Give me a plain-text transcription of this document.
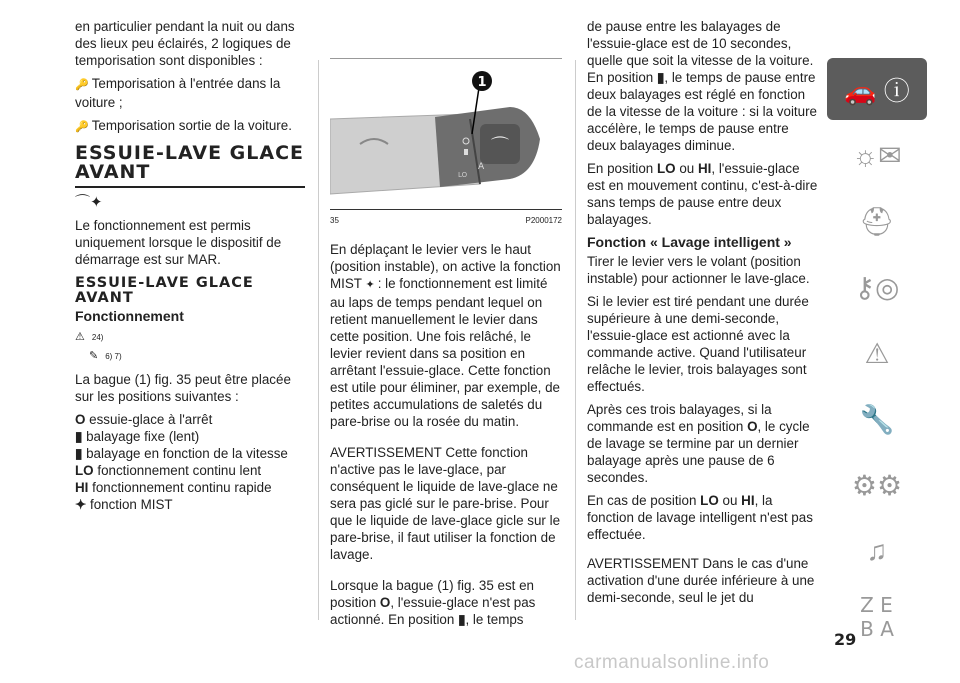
en particulier pendant la nuit ou dans des lieux peu éclairés, 2 logiques de temporisation sont disponibles :

🔑 Temporisation à l'entrée dans la voiture ;

🔑 Temporisation sortie de la voiture.

ESSUIE-LAVE GLACE AVANT

⌒✦

Le fonctionnement est permis uniquement lorsque le dispositif de démarrage est sur MAR.

ESSUIE-LAVE GLACE AVANT
Fonctionnement

⚠ 24)

✎ 6) 7)

La bague (1) fig. 35 peut être placée sur les positions suivantes :

O essuie-glace à l'arrêt
▮ balayage fixe (lent)
▮ balayage en fonction de la vitesse
LO fonctionnement continu lent
HI fonctionnement continu rapide
✦ fonction MIST
⌒
1
A
LO
35	P2000172

En déplaçant le levier vers le haut (position instable), on active la fonction MIST ✦ : le fonctionnement est limité au laps de temps pendant lequel on retient manuellement le levier dans cette position. Une fois relâché, le levier revient dans sa position en arrêtant l'essuie-glace. Cette fonction est utile pour éliminer, par exemple, de petites accumulations de saletés du pare-brise ou la rosée du matin.

AVERTISSEMENT Cette fonction n'active pas le lave-glace, par conséquent le liquide de lave-glace ne sera pas giclé sur le pare-brise. Pour que le liquide de lave-glace gicle sur le pare-brise, il faut utiliser la fonction de lavage.

Lorsque la bague (1) fig. 35 est en position O, l'essuie-glace n'est pas actionné. En position ▮, le temps

de pause entre les balayages de l'essuie-glace est de 10 secondes, quelle que soit la vitesse de la voiture. En position ▮, le temps de pause entre deux balayages est réglé en fonction de la vitesse de la voiture : si la voiture accélère, le temps de pause entre deux balayages diminue.

En position LO ou HI, l'essuie-glace est en mouvement continu, c'est-à-dire sans temps de pause entre deux balayages.

Fonction « Lavage intelligent »

Tirer le levier vers le volant (position instable) pour actionner le lave-glace.

Si le levier est tiré pendant une durée supérieure à une demi-seconde, l'essuie-glace est actionné avec la commande active. Quand l'utilisateur relâche le levier, trois balayages sont effectués.

Après ces trois balayages, si la commande est en position O, le cycle de lavage se termine par un dernier balayage après une pause de 6 secondes.

En cas de position LO ou HI, la fonction de lavage intelligent n'est pas effectuée.

AVERTISSEMENT Dans le cas d'une activation d'une durée inférieure à une demi-seconde, seul le jet du

🚗 ⓘ
☼✉
⛑
⚷◎
⚠
🔧
⚙⚙
♫
Z E
B A
29
carmanualsonline.info
